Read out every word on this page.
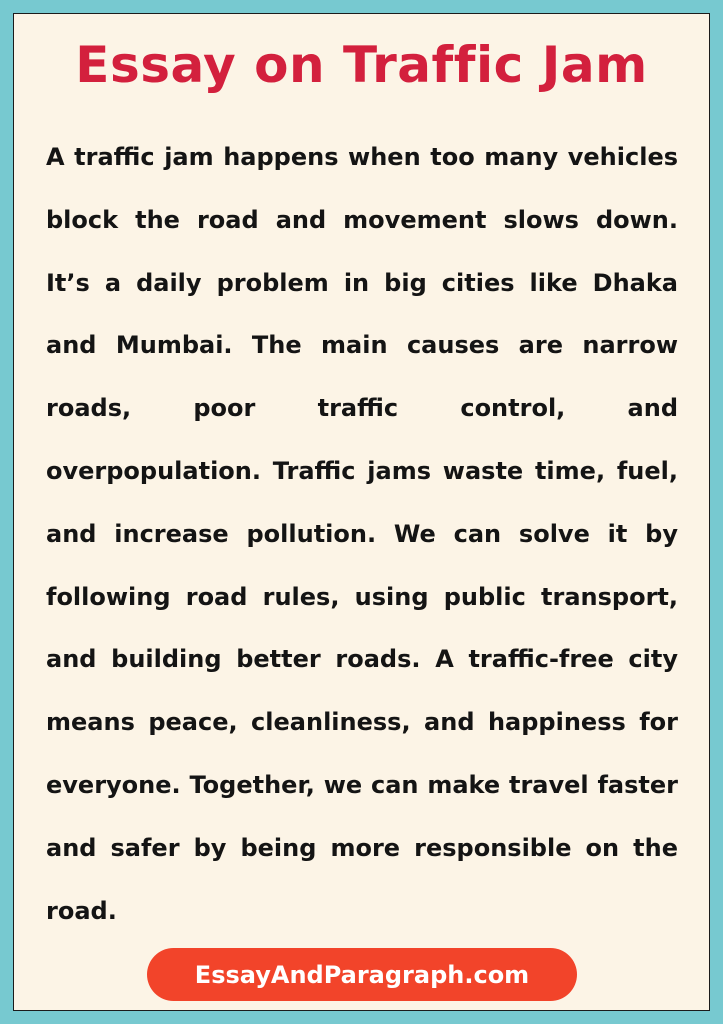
Essay on Traffic Jam

A traffic jam happens when too many vehicles block the road and movement slows down. It’s a daily problem in big cities like Dhaka and Mumbai. The main causes are narrow roads, poor traffic control, and overpopulation. Traffic jams waste time, fuel, and increase pollution. We can solve it by following road rules, using public transport, and building better roads. A traffic-free city means peace, cleanliness, and happiness for everyone. Together, we can make travel faster and safer by being more responsible on the road.

EssayAndParagraph.com
